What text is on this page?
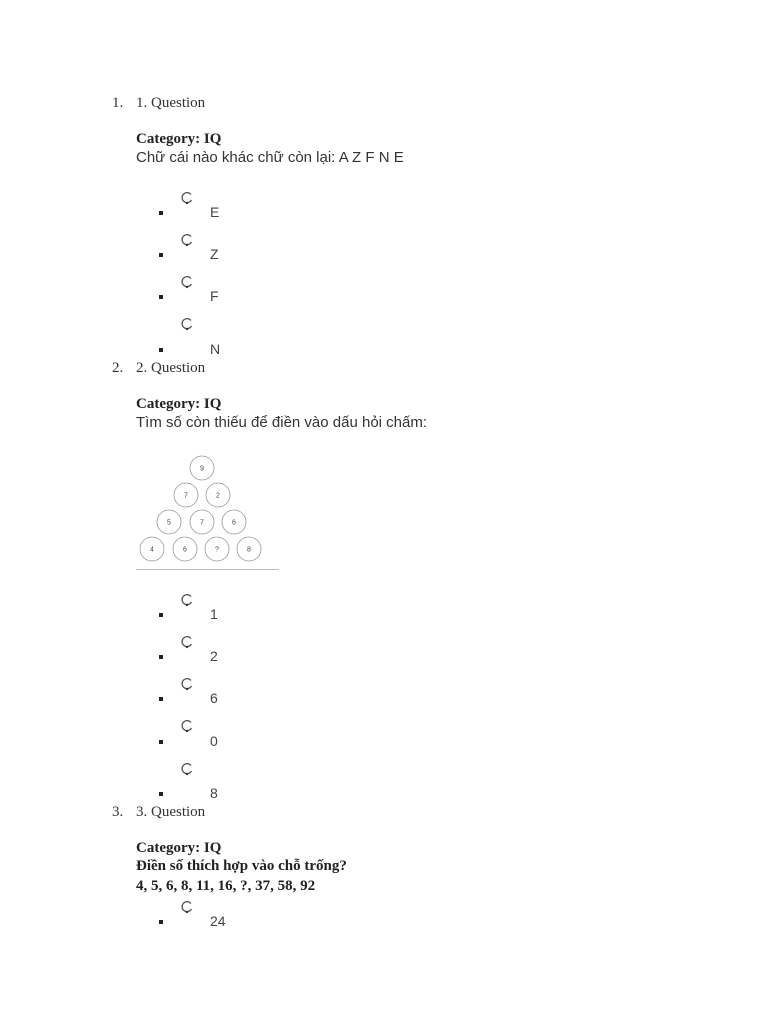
1. 1. Question
Category: IQ
Chữ cái nào khác chữ còn lại: A Z F N E
E
Z
F
N
2. 2. Question
Category: IQ
Tìm số còn thiếu để điền vào dấu hỏi chấm:
9
7	2
5	7	6
4	6	?	8
1
2
6
0
8
3. 3. Question
Category: IQ
Điền số thích hợp vào chỗ trống?
4, 5, 6, 8, 11, 16, ?, 37, 58, 92
24
